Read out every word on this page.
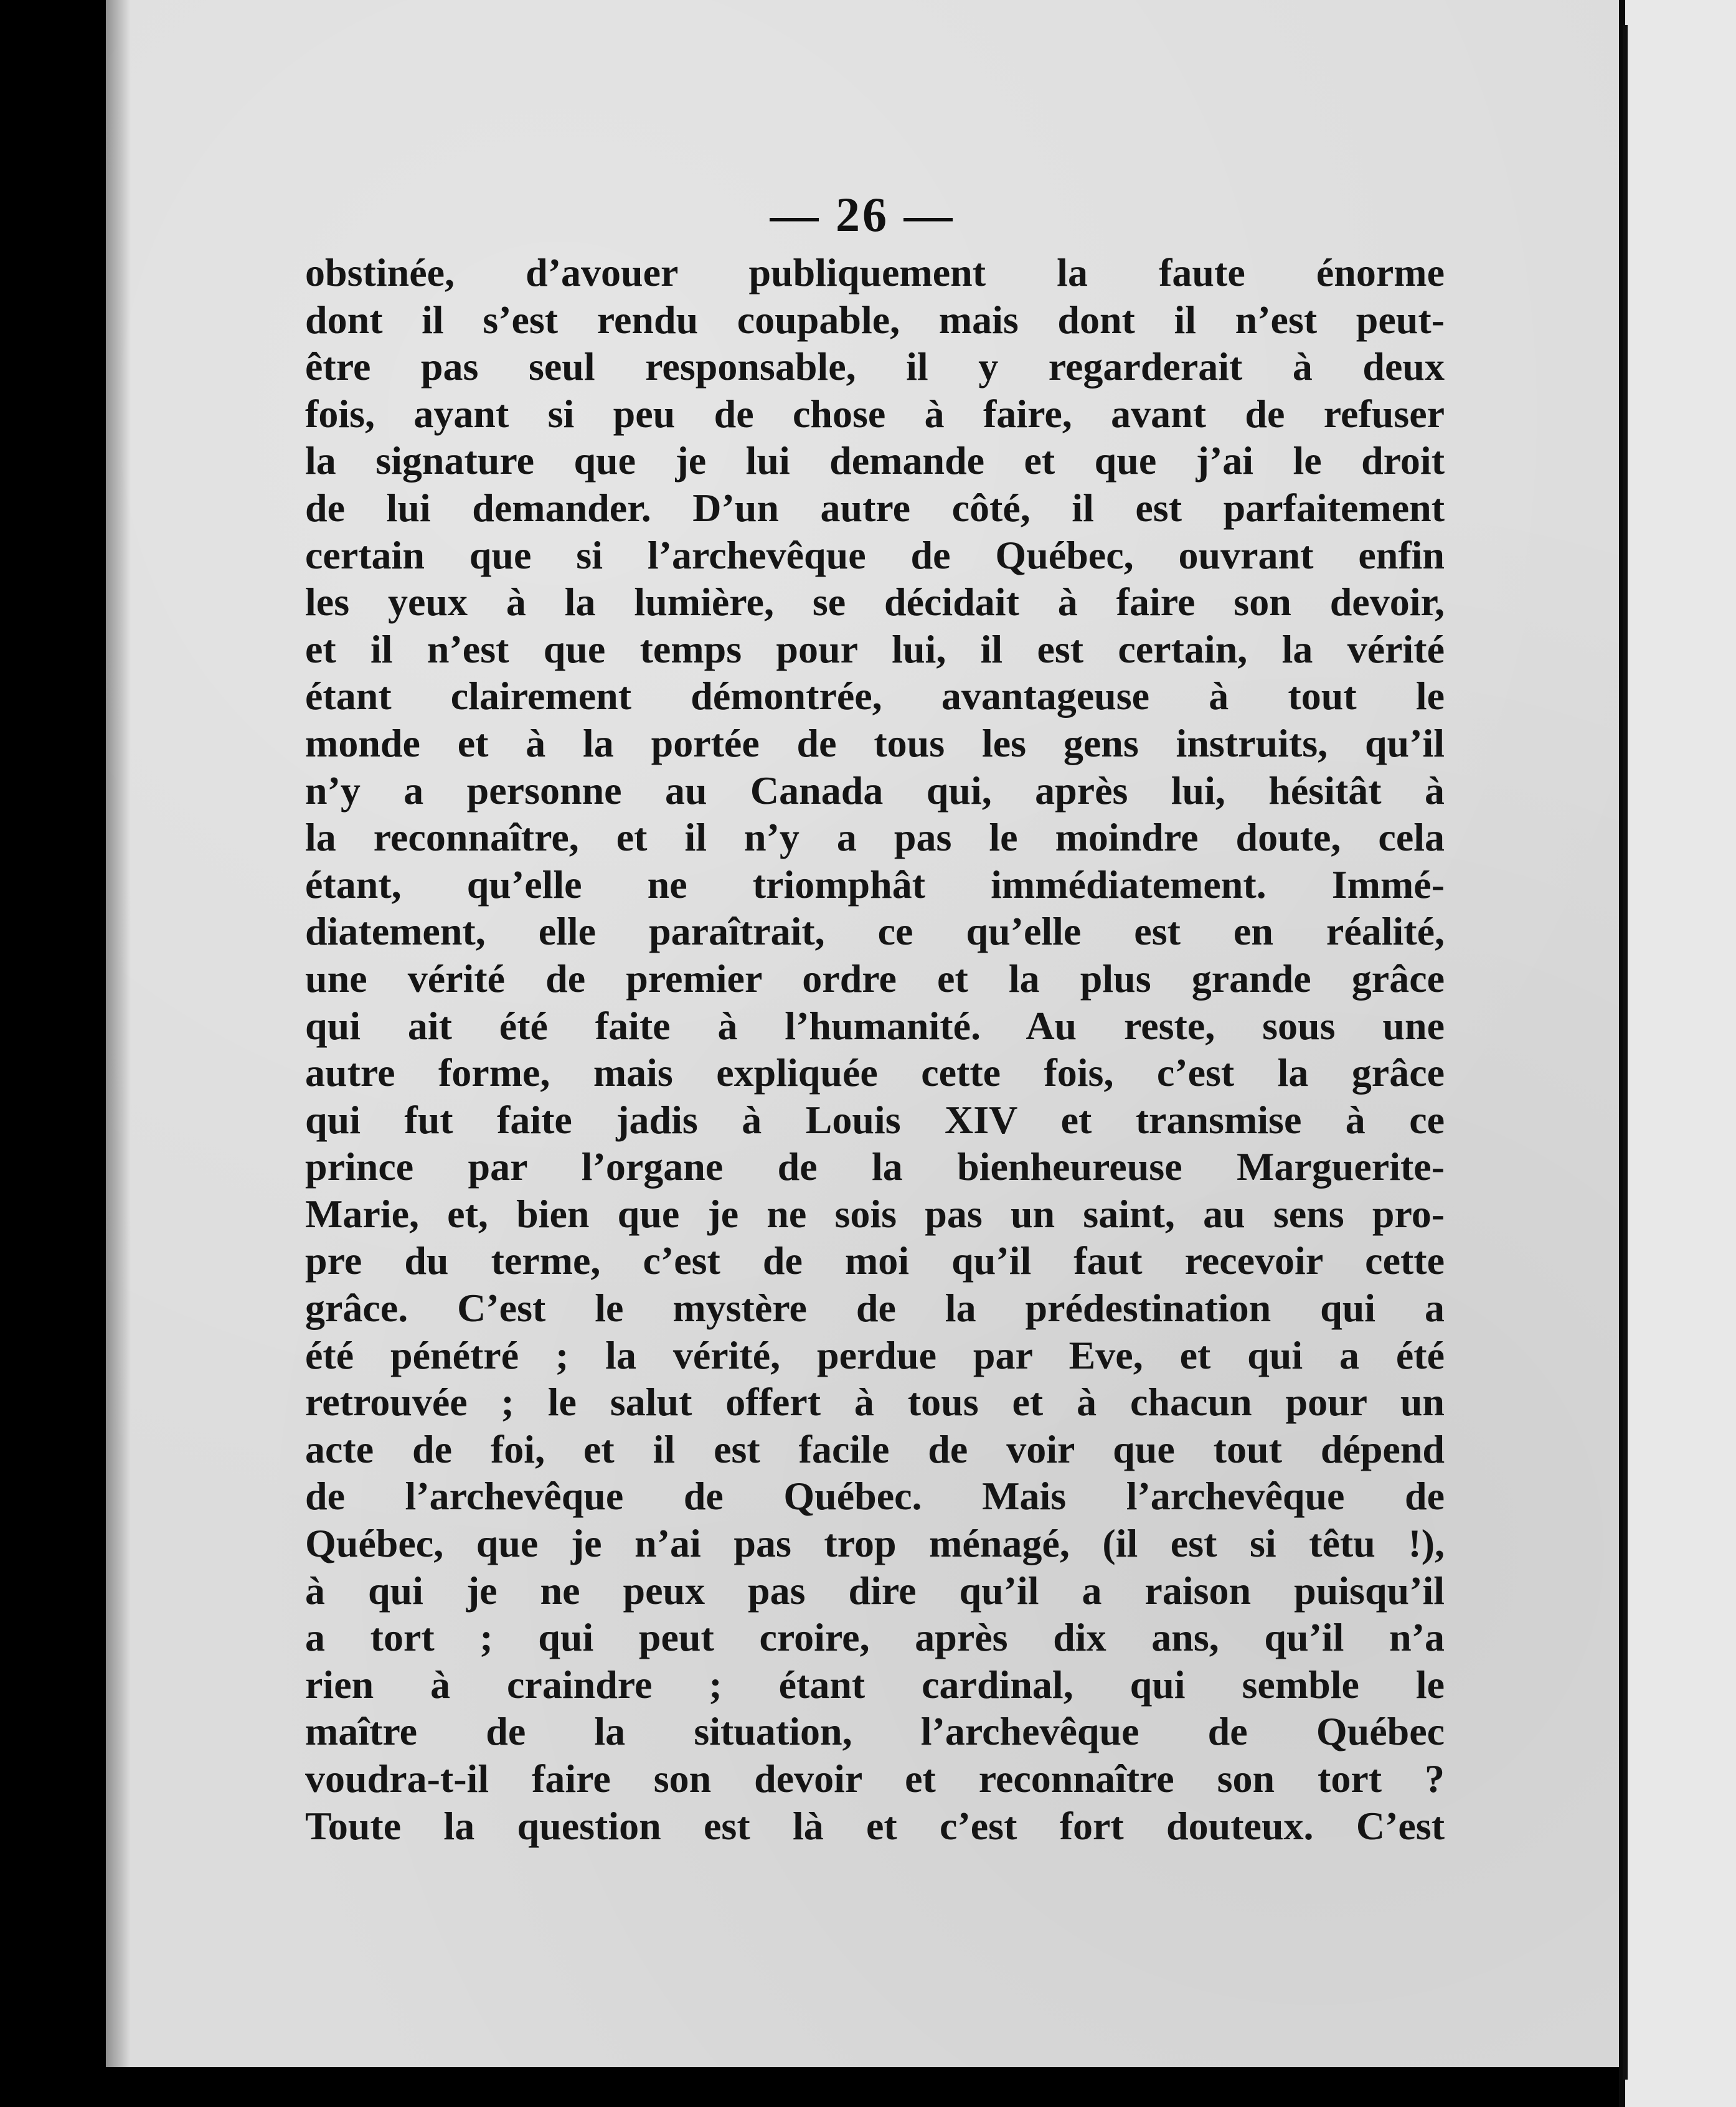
— 26 —
obstinée, d’avouer publiquement la faute énorme
dont il s’est rendu coupable, mais dont il n’est peut-
être pas seul responsable, il y regarderait à deux
fois, ayant si peu de chose à faire, avant de refuser
la signature que je lui demande et que j’ai le droit
de lui demander. D’un autre côté, il est parfaitement
certain que si l’archevêque de Québec, ouvrant enfin
les yeux à la lumière, se décidait à faire son devoir,
et il n’est que temps pour lui, il est certain, la vérité
étant clairement démontrée, avantageuse à tout le
monde et à la portée de tous les gens instruits, qu’il
n’y a personne au Canada qui, après lui, hésitât à
la reconnaître, et il n’y a pas le moindre doute, cela
étant, qu’elle ne triomphât immédiatement. Immé-
diatement, elle paraîtrait, ce qu’elle est en réalité,
une vérité de premier ordre et la plus grande grâce
qui ait été faite à l’humanité. Au reste, sous une
autre forme, mais expliquée cette fois, c’est la grâce
qui fut faite jadis à Louis XIV et transmise à ce
prince par l’organe de la bienheureuse Marguerite-
Marie, et, bien que je ne sois pas un saint, au sens pro-
pre du terme, c’est de moi qu’il faut recevoir cette
grâce. C’est le mystère de la prédestination qui a
été pénétré ; la vérité, perdue par Eve, et qui a été
retrouvée ; le salut offert à tous et à chacun pour un
acte de foi, et il est facile de voir que tout dépend
de l’archevêque de Québec. Mais l’archevêque de
Québec, que je n’ai pas trop ménagé, (il est si têtu !),
à qui je ne peux pas dire qu’il a raison puisqu’il
a tort ; qui peut croire, après dix ans, qu’il n’a
rien à craindre ; étant cardinal, qui semble le
maître de la situation, l’archevêque de Québec
voudra-t-il faire son devoir et reconnaître son tort ?
Toute la question est là et c’est fort douteux. C’est
